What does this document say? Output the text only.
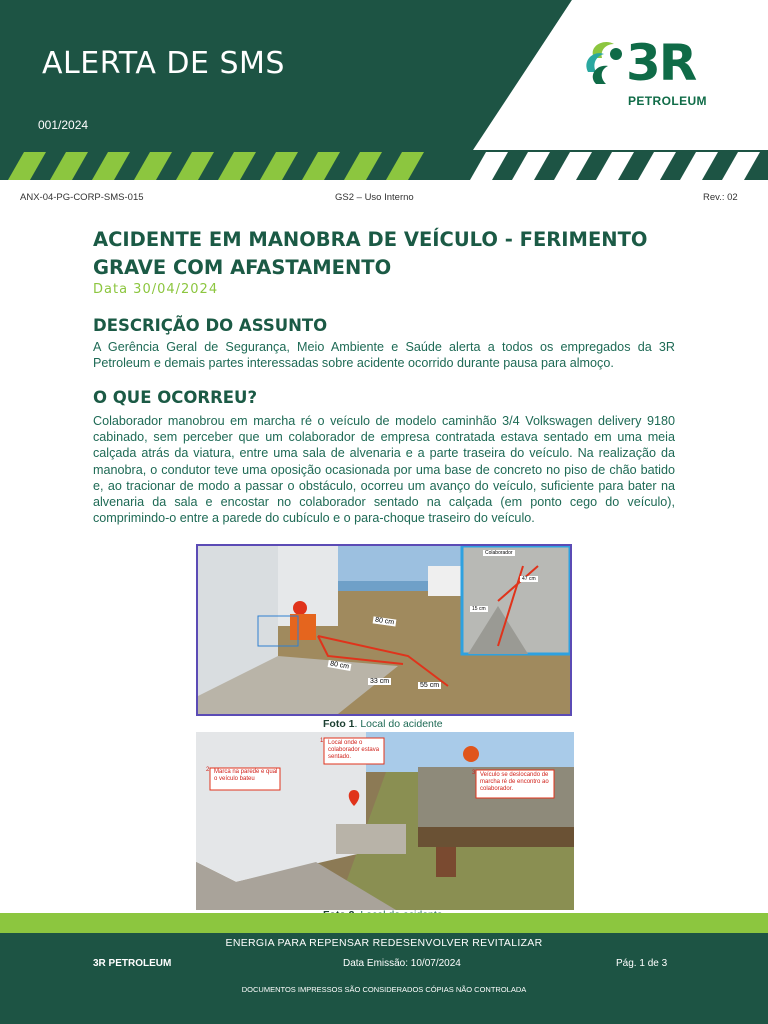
ALERTA DE SMS
001/2024
3R
PETROLEUM
ANX-04-PG-CORP-SMS-015	GS2 – Uso Interno	Rev.: 02
ACIDENTE EM MANOBRA DE VEÍCULO - FERIMENTO GRAVE COM AFASTAMENTO
Data 30/04/2024
DESCRIÇÃO DO ASSUNTO
A Gerência Geral de Segurança, Meio Ambiente e Saúde alerta a todos os empregados da 3R Petroleum e demais partes interessadas sobre acidente ocorrido durante pausa para almoço.
O QUE OCORREU?
Colaborador manobrou em marcha ré o veículo de modelo caminhão 3/4 Volkswagen delivery 9180 cabinado, sem perceber que um colaborador de empresa contratada estava sentado em uma meia calçada atrás da viatura, entre uma sala de alvenaria e a parte traseira do veículo. Na realização da manobra, o condutor teve uma oposição ocasionada por uma base de concreto no piso de chão batido e, ao tracionar de modo a passar o obstáculo, ocorreu um avanço do veículo, suficiente para bater na alvenaria da sala e encostar no colaborador sentado na calçada (em ponto cego do veículo), comprimindo-o entre a parede do cubículo e o para-choque traseiro do veículo.
80 cm
80 cm
33 cm
55 cm
Colaborador
47 cm
15 cm
Foto 1. Local do acidente
2 Marca na parede e qual o veículo bateu
1 Local onde o colaborador estava sentado.
3 Veículo se deslocando de marcha ré de encontro ao colaborador.
ENERGIA PARA REPENSAR REDESENVOLVER REVITALIZAR
3R PETROLEUM	Data Emissão: 10/07/2024	Pág. 1 de 3
DOCUMENTOS IMPRESSOS SÃO CONSIDERADOS CÓPIAS NÃO CONTROLADA
